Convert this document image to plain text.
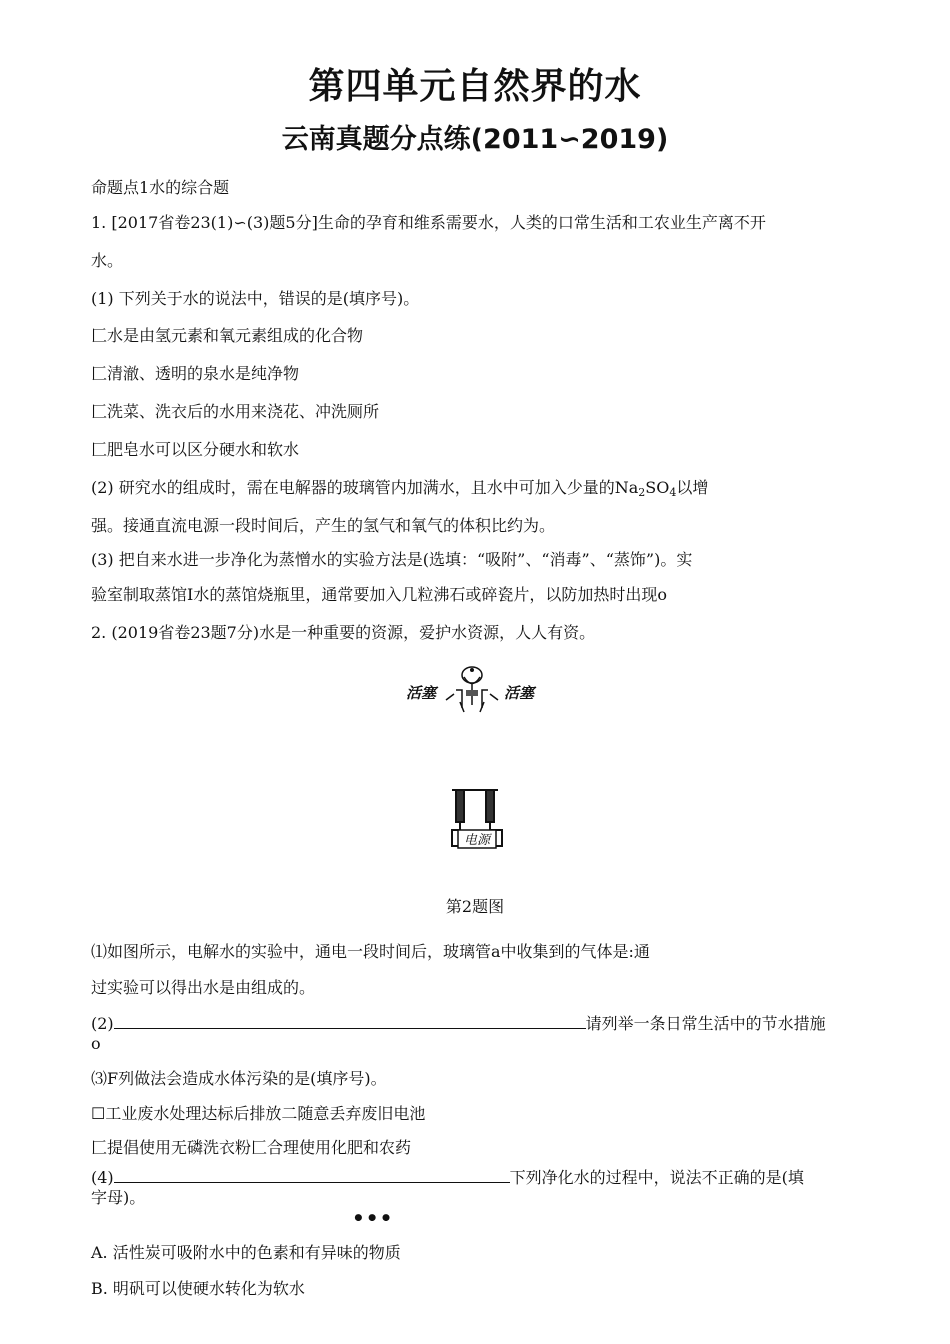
第四单元自然界的水
云南真题分点练(2011∽2019)
命题点1水的综合题
1. [2017省卷23(1)∽(3)题5分]生命的孕育和维系需要水，人类的口常生活和工农业生产离不开
水。
(1) 下列关于水的说法中，错误的是(填序号)。
匚水是由氢元素和氧元素组成的化合物
匚清澈、透明的泉水是纯净物
匚洗菜、洗衣后的水用来浇花、冲洗厕所
匚肥皂水可以区分硬水和软水
(2) 研究水的组成时，需在电解器的玻璃管内加满水，且水中可加入少量的$Na_2SO_4$以增
强。接通直流电源一段时间后，产生的氢气和氧气的体积比约为。
(3) 把自来水进一步净化为蒸憎水的实验方法是(选填：“吸附”、“消毒”、“蒸饰”)。实
验室制取蒸馆I水的蒸馆烧瓶里，通常要加入几粒沸石或碎瓷片，以防加热时出现o
2. (2019省卷23题7分)水是一种重要的资源，爱护水资源，人人有资。
活塞	活塞
电源
第2题图
⑴如图所示，电解水的实验中，通电一段时间后，玻璃管a中收集到的气体是:通
过实验可以得出水是由组成的。
(2)	请列举一条日常生活中的节水措施
o
⑶F列做法会造成水体污染的是(填序号)。
☐工业废水处理达标后排放二随意丢弃废旧电池
匚提倡使用无磷洗衣粉匚合理使用化肥和农药
(4)	下列净化水的过程中，说法不正确的是(填
字母)。
•••
A. 活性炭可吸附水中的色素和有异味的物质
B. 明矾可以使硬水转化为软水
